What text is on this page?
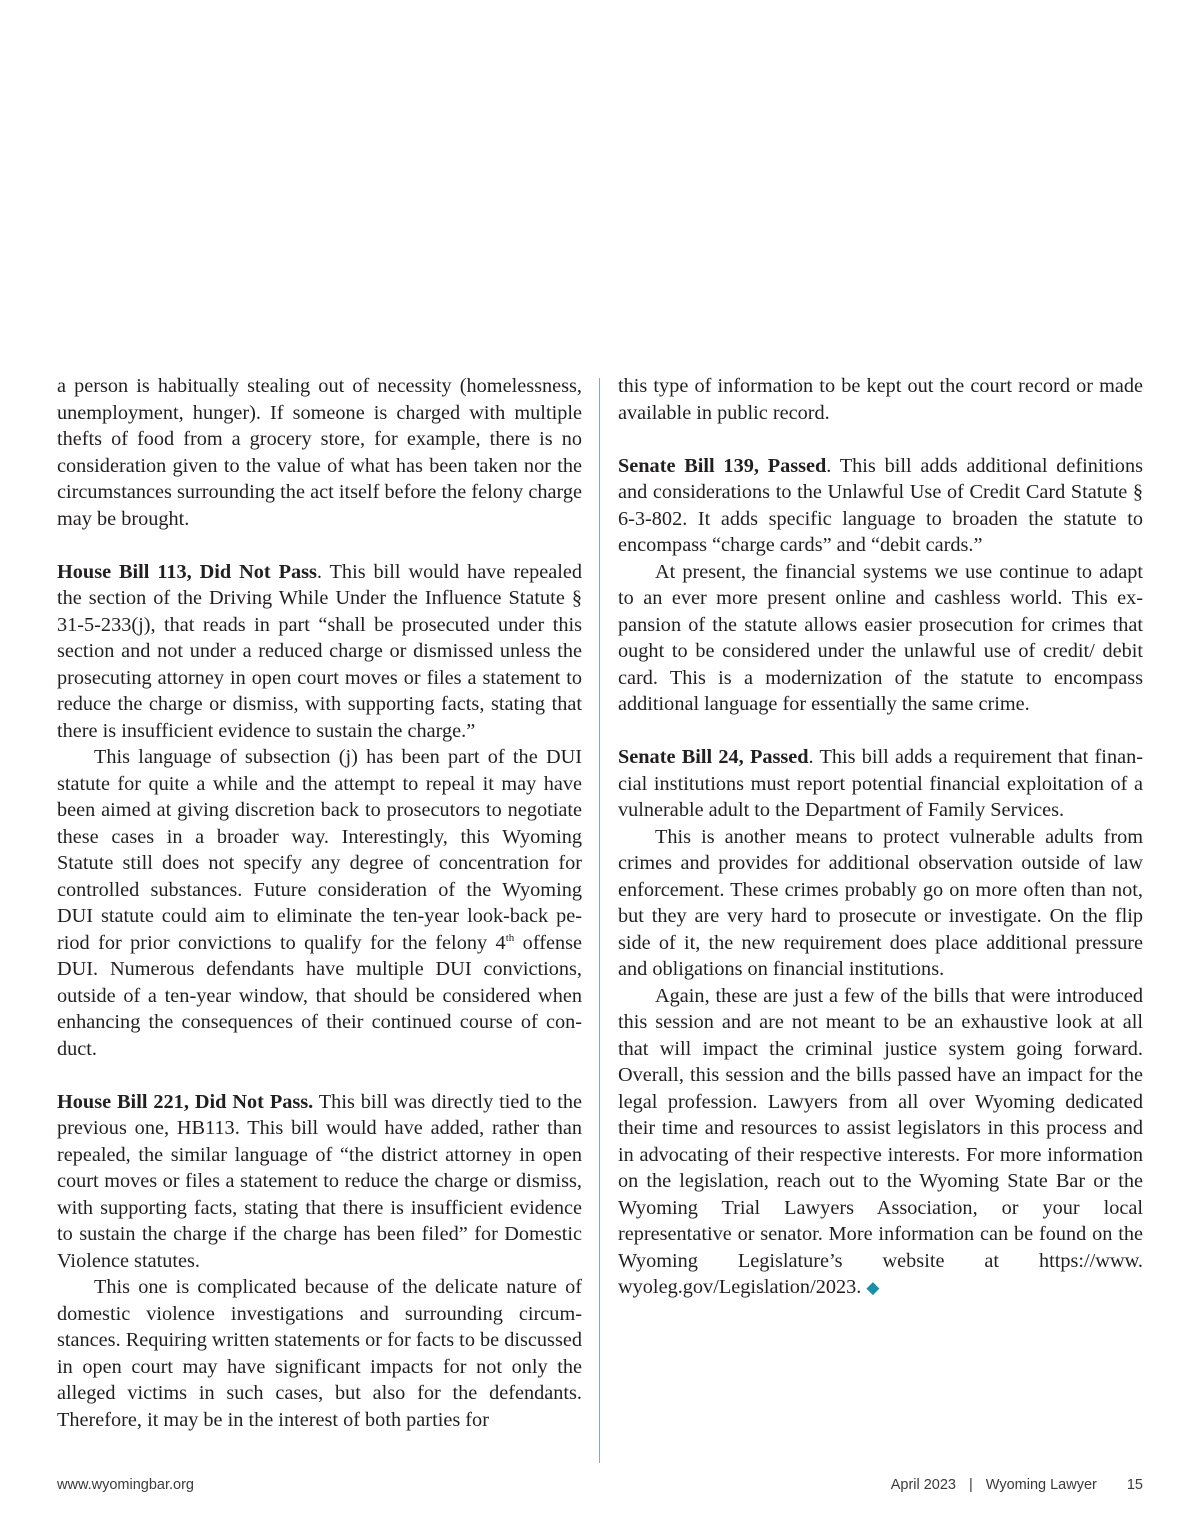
a person is habitually stealing out of necessity (homelessness, unemployment, hunger). If someone is charged with multiple thefts of food from a grocery store, for example, there is no consideration given to the value of what has been taken nor the circumstances surrounding the act itself before the felony charge may be brought.

House Bill 113, Did Not Pass. This bill would have repealed the section of the Driving While Under the Influence Statute § 31-5-233(j), that reads in part “shall be prosecuted under this section and not under a reduced charge or dismissed unless the prosecuting attorney in open court moves or files a statement to reduce the charge or dismiss, with supporting facts, stating that there is insufficient evidence to sustain the charge.”

This language of subsection (j) has been part of the DUI statute for quite a while and the attempt to repeal it may have been aimed at giving discretion back to prosecutors to negotiate these cases in a broader way. Interestingly, this Wyoming Statute still does not specify any degree of concentration for controlled substances. Future consideration of the Wyoming DUI statute could aim to eliminate the ten-year look-back period for prior convictions to qualify for the felony 4th offense DUI. Numerous defendants have multiple DUI convictions, outside of a ten-year window, that should be considered when enhancing the consequences of their continued course of conduct.

House Bill 221, Did Not Pass. This bill was directly tied to the previous one, HB113. This bill would have added, rather than repealed, the similar language of “the district attorney in open court moves or files a statement to reduce the charge or dismiss, with supporting facts, stating that there is insufficient evidence to sustain the charge if the charge has been filed” for Domestic Violence statutes.

This one is complicated because of the delicate nature of domestic violence investigations and surrounding circumstances. Requiring written statements or for facts to be discussed in open court may have significant impacts for not only the alleged victims in such cases, but also for the defendants. Therefore, it may be in the interest of both parties for

this type of information to be kept out the court record or made available in public record.

Senate Bill 139, Passed. This bill adds additional definitions and considerations to the Unlawful Use of Credit Card Statute § 6-3-802. It adds specific language to broaden the statute to encompass “charge cards” and “debit cards.”

At present, the financial systems we use continue to adapt to an ever more present online and cashless world. This expansion of the statute allows easier prosecution for crimes that ought to be considered under the unlawful use of credit/ debit card. This is a modernization of the statute to encompass additional language for essentially the same crime.

Senate Bill 24, Passed. This bill adds a requirement that financial institutions must report potential financial exploitation of a vulnerable adult to the Department of Family Services.

This is another means to protect vulnerable adults from crimes and provides for additional observation outside of law enforcement. These crimes probably go on more often than not, but they are very hard to prosecute or investigate. On the flip side of it, the new requirement does place additional pressure and obligations on financial institutions.

Again, these are just a few of the bills that were introduced this session and are not meant to be an exhaustive look at all that will impact the criminal justice system going forward. Overall, this session and the bills passed have an impact for the legal profession. Lawyers from all over Wyoming dedicated their time and resources to assist legislators in this process and in advocating of their respective interests. For more information on the legislation, reach out to the Wyoming State Bar or the Wyoming Trial Lawyers Association, or your local representative or senator. More information can be found on the Wyoming Legislature’s website at https://www. wyoleg.gov/Legislation/2023. ◆

www.wyomingbar.org	April 2023 | Wyoming Lawyer 15
